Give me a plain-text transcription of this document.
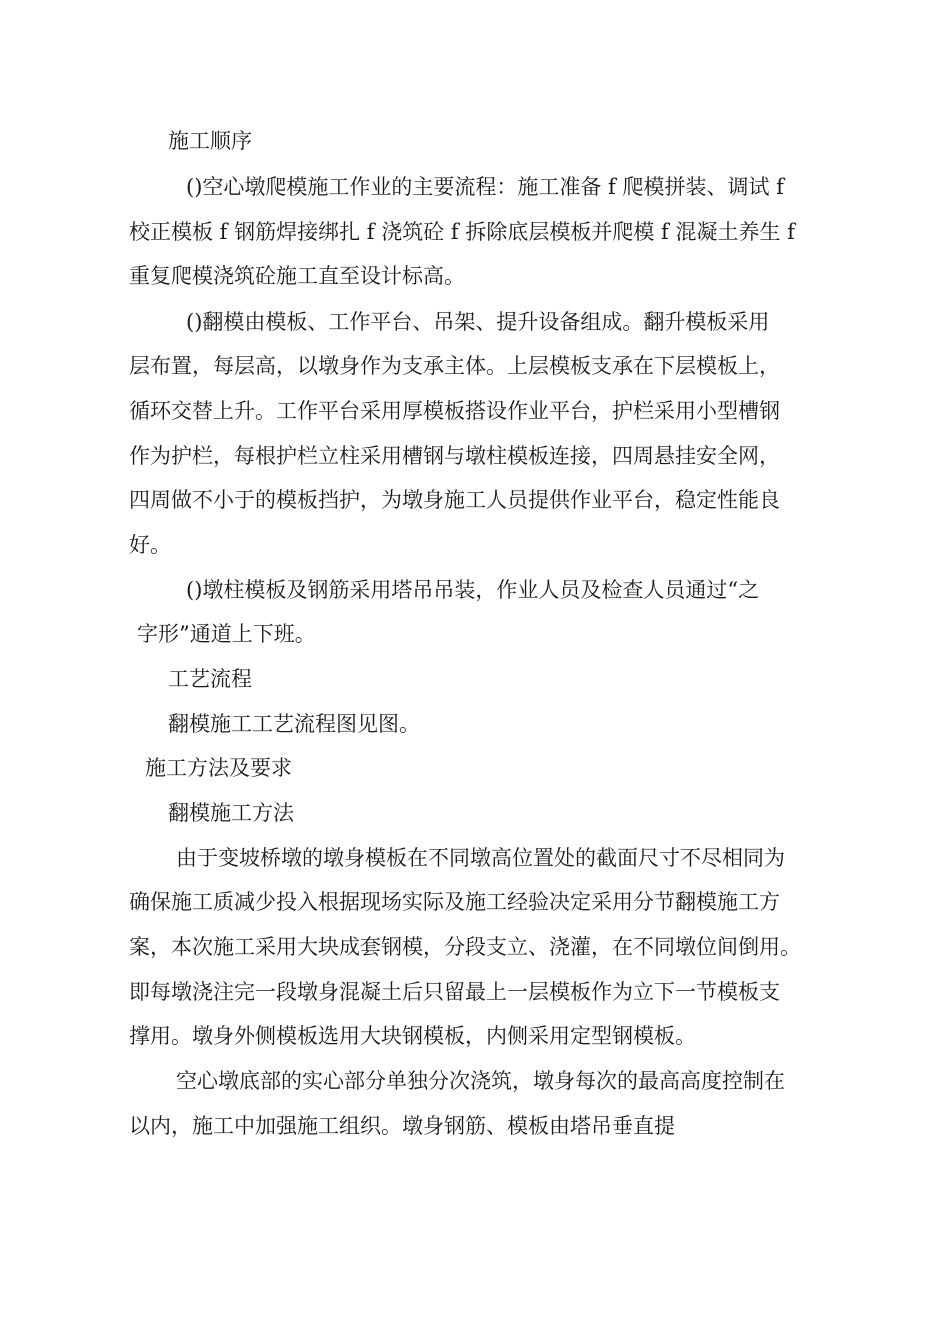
施工顺序
()空心墩爬模施工作业的主要流程：施工准备 f 爬模拼装、调试 f
校正模板 f 钢筋焊接绑扎 f 浇筑砼 f 拆除底层模板并爬模 f 混凝土养生 f
重复爬模浇筑砼施工直至设计标高。
()翻模由模板、工作平台、吊架、提升设备组成。翻升模板采用
层布置，每层高，以墩身作为支承主体。上层模板支承在下层模板上，
循环交替上升。工作平台采用厚模板搭设作业平台，护栏采用小型槽钢
作为护栏，每根护栏立柱采用槽钢与墩柱模板连接，四周悬挂安全网，
四周做不小于的模板挡护，为墩身施工人员提供作业平台，稳定性能良
好。
()墩柱模板及钢筋采用塔吊吊装，作业人员及检查人员通过“之
字形”通道上下班。
工艺流程
翻模施工工艺流程图见图。
施工方法及要求
翻模施工方法
由于变坡桥墩的墩身模板在不同墩高位置处的截面尺寸不尽相同为
确保施工质减少投入根据现场实际及施工经验决定采用分节翻模施工方
案，本次施工采用大块成套钢模，分段支立、浇灌，在不同墩位间倒用。
即每墩浇注完一段墩身混凝土后只留最上一层模板作为立下一节模板支
撑用。墩身外侧模板选用大块钢模板，内侧采用定型钢模板。
空心墩底部的实心部分单独分次浇筑，墩身每次的最高高度控制在
以内，施工中加强施工组织。墩身钢筋、模板由塔吊垂直提
